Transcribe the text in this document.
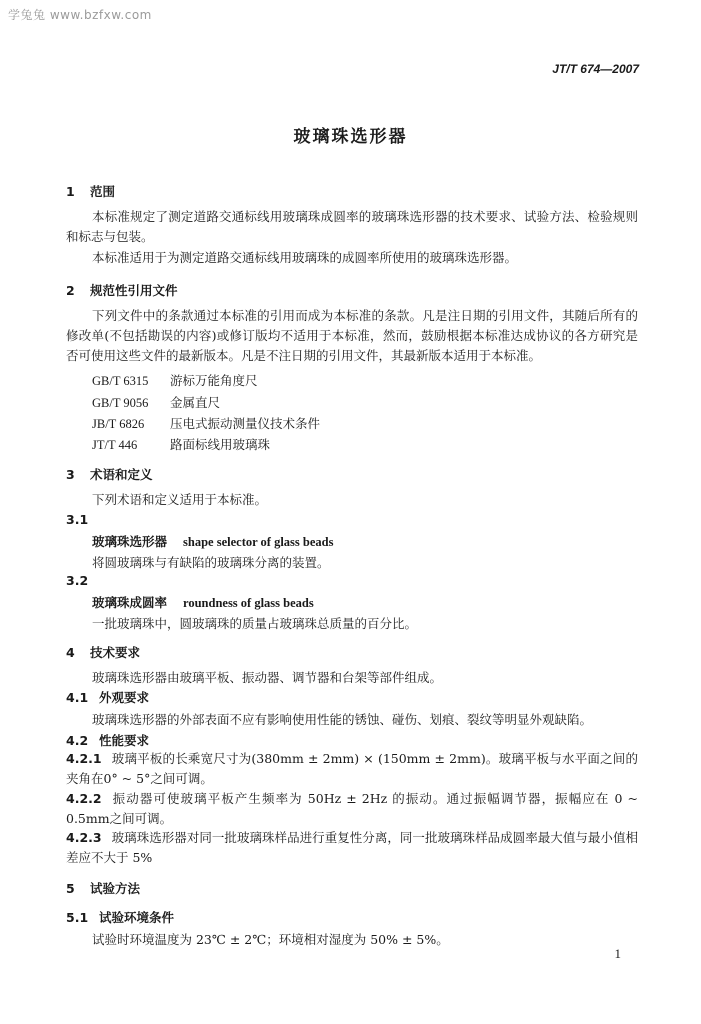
学兔兔 www.bzfxw.com
JT/T 674—2007
玻璃珠选形器
1 范围
本标准规定了测定道路交通标线用玻璃珠成圆率的玻璃珠选形器的技术要求、试验方法、检验规则和标志与包装。
本标准适用于为测定道路交通标线用玻璃珠的成圆率所使用的玻璃珠选形器。
2 规范性引用文件
下列文件中的条款通过本标准的引用而成为本标准的条款。凡是注日期的引用文件，其随后所有的修改单(不包括勘误的内容)或修订版均不适用于本标准，然而，鼓励根据本标准达成协议的各方研究是否可使用这些文件的最新版本。凡是不注日期的引用文件，其最新版本适用于本标准。
GB/T 6315 游标万能角度尺
GB/T 9056 金属直尺
JB/T 6826 压电式振动测量仪技术条件
JT/T 446	路面标线用玻璃珠
3 术语和定义
下列术语和定义适用于本标准。
3.1
玻璃珠选形器 shape selector of glass beads
将圆玻璃珠与有缺陷的玻璃珠分离的装置。
3.2
玻璃珠成圆率 roundness of glass beads
一批玻璃珠中，圆玻璃珠的质量占玻璃珠总质量的百分比。
4 技术要求
玻璃珠选形器由玻璃平板、振动器、调节器和台架等部件组成。
4.1 外观要求
玻璃珠选形器的外部表面不应有影响使用性能的锈蚀、碰伤、划痕、裂纹等明显外观缺陷。
4.2 性能要求
4.2.1 玻璃平板的长乘宽尺寸为(380mm ± 2mm) × (150mm ± 2mm)。玻璃平板与水平面之间的夹角在0° ~ 5°之间可调。
4.2.2 振动器可使玻璃平板产生频率为 50Hz ± 2Hz 的振动。通过振幅调节器，振幅应在 0 ~ 0.5mm之间可调。
4.2.3 玻璃珠选形器对同一批玻璃珠样品进行重复性分离，同一批玻璃珠样品成圆率最大值与最小值相差应不大于 5%
5 试验方法
5.1 试验环境条件
试验时环境温度为 23℃ ± 2℃；环境相对湿度为 50% ± 5%。
1
